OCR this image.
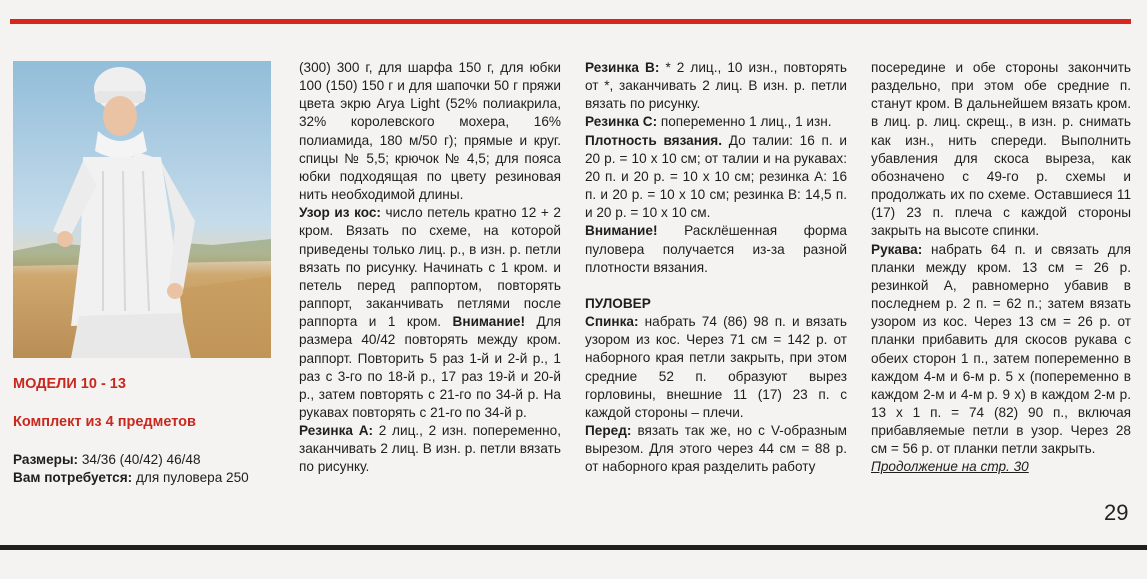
МОДЕЛИ 10 - 13
Комплект из 4 предметов

Размеры: 34/36 (40/42) 46/48

Вам потребуется: для пуловера 250

(300) 300 г, для шарфа 150 г, для юбки 100 (150) 150 г и для шапочки 50 г пряжи цвета экрю Arya Light (52% полиакрила, 32% королевского мохера, 16% полиамида, 180 м/50 г); прямые и круг. спицы № 5,5; крючок № 4,5; для пояса юбки подходящая по цвету резиновая нить необходимой длины.

Узор из кос: число петель кратно 12 + 2 кром. Вязать по схеме, на которой приведены только лиц. р., в изн. р. петли вязать по рисунку. Начинать с 1 кром. и петель перед раппортом, повторять раппорт, заканчивать петлями после раппорта и 1 кром. Внимание! Для размера 40/42 повторять между кром. раппорт. Повторить 5 раз 1-й и 2-й р., 1 раз с 3-го по 18-й р., 17 раз 19-й и 20-й р., затем повторять с 21-го по 34-й р. На рукавах повторять с 21-го по 34-й р.

Резинка А: 2 лиц., 2 изн. попеременно, заканчивать 2 лиц. В изн. р. петли вязать по рисунку.

Резинка В: * 2 лиц., 10 изн., повторять от *, заканчивать 2 лиц. В изн. р. петли вязать по рисунку.

Резинка С: попеременно 1 лиц., 1 изн.

Плотность вязания. До талии: 16 п. и 20 р. = 10 х 10 см; от талии и на рукавах: 20 п. и 20 р. = 10 х 10 см; резинка А: 16 п. и 20 р. = 10 х 10 см; резинка В: 14,5 п. и 20 р. = 10 х 10 см.

Внимание! Расклёшенная форма пуловера получается из-за разной плотности вязания.

ПУЛОВЕР

Спинка: набрать 74 (86) 98 п. и вязать узором из кос. Через 71 см = 142 р. от наборного края петли закрыть, при этом средние 52 п. образуют вырез горловины, внешние 11 (17) 23 п. с каждой стороны – плечи.

Перед: вязать так же, но с V-образным вырезом. Для этого через 44 см = 88 р. от наборного края разделить работу

посередине и обе стороны закончить раздельно, при этом обе средние п. станут кром. В дальнейшем вязать кром. в лиц. р. лиц. скрещ., в изн. р. снимать как изн., нить спереди. Выполнить убавления для скоса выреза, как обозначено с 49-го р. схемы и продолжать их по схеме. Оставшиеся 11 (17) 23 п. плеча с каждой стороны закрыть на высоте спинки.

Рукава: набрать 64 п. и связать для планки между кром. 13 см = 26 р. резинкой А, равномерно убавив в последнем р. 2 п. = 62 п.; затем вязать узором из кос. Через 13 см = 26 р. от планки прибавить для скосов рукава с обеих сторон 1 п., затем попеременно в каждом 4-м и 6-м р. 5 х (попеременно в каждом 2-м и 4-м р. 9 х) в каждом 2-м р. 13 х 1 п. = 74 (82) 90 п., включая прибавляемые петли в узор. Через 28 см = 56 р. от планки петли закрыть.

Продолжение на стр. 30

29
